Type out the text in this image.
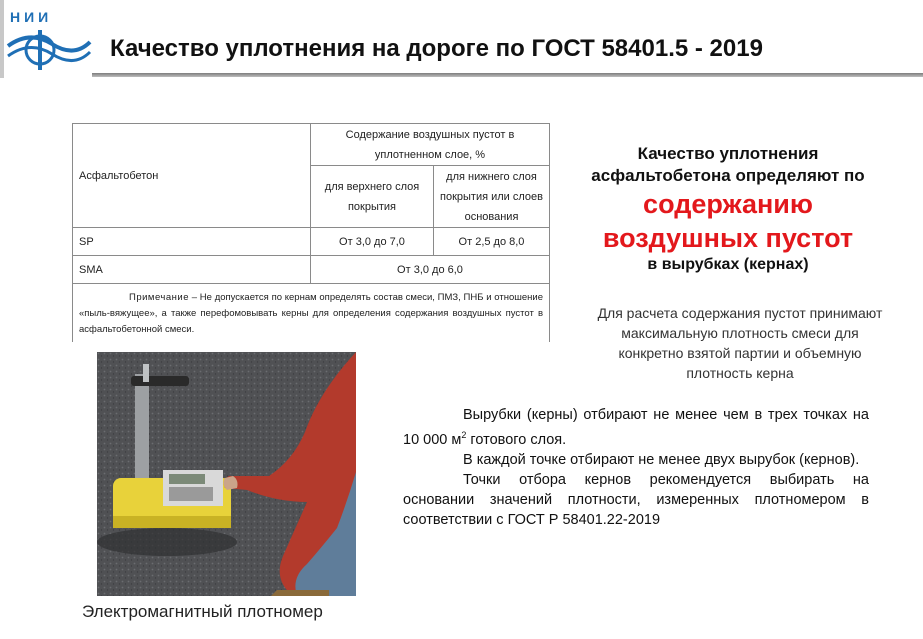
НИИ
Качество уплотнения на дороге по ГОСТ 58401.5 - 2019
Асфальтобетон	Содержание воздушных пустот в уплотненном слое, %	
	для верхнего слоя покрытия	для нижнего слоя покрытия или слоев основания
SP	От 3,0 до 7,0	От 2,5 до 8,0
SMA	От 3,0 до 6,0	
Примечание – Не допускается по кернам определять состав смеси, ПМЗ, ПНБ и отношение «пыль-вяжущее», а также перефомовывать керны для определения содержания воздушных пустот в асфальтобетонной смеси.		
Качество уплотнения
асфальтобетона определяют по
содержанию
воздушных пустот
в вырубках (кернах)
Для расчета содержания пустот принимают максимальную плотность смеси для конкретно взятой партии и объемную плотность керна
Электромагнитный плотномер

Вырубки (керны) отбирают не менее чем в трех точках на 10 000 $м^2$ готового слоя.

В каждой точке отбирают не менее двух вырубок (кернов).

Точки отбора кернов рекомендуется выбирать на основании значений плотности, измеренных плотномером в соответствии с ГОСТ Р 58401.22-2019
